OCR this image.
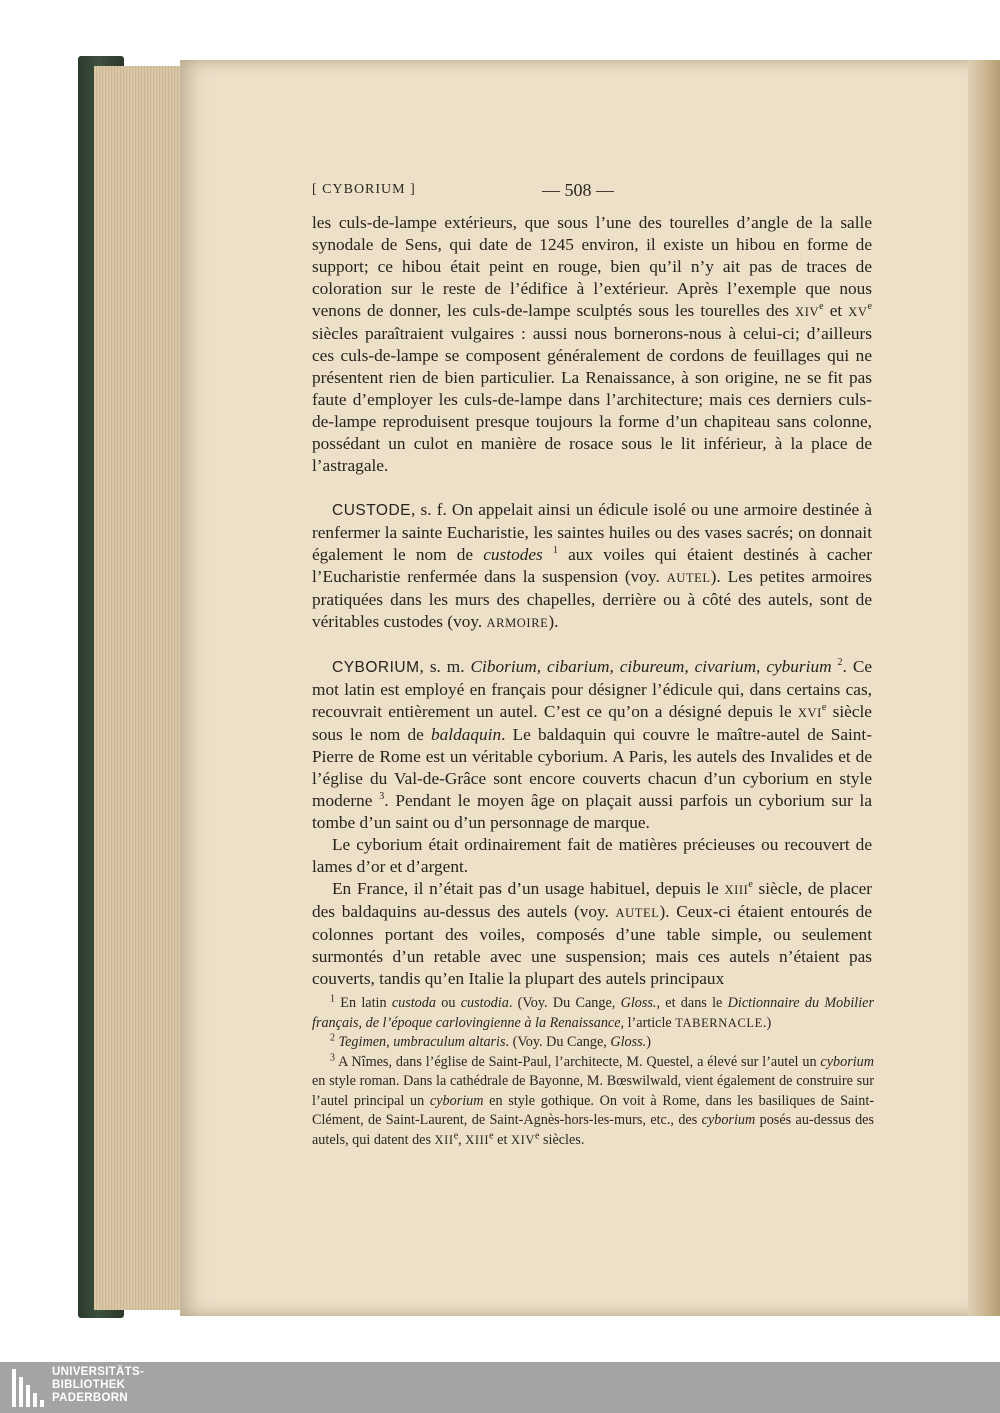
[ CYBORIUM ]	— 508 —

les culs-de-lampe extérieurs, que sous l’une des tourelles d’angle de la salle synodale de Sens, qui date de 1245 environ, il existe un hibou en forme de support; ce hibou était peint en rouge, bien qu’il n’y ait pas de traces de coloration sur le reste de l’édifice à l’extérieur. Après l’exemple que nous venons de donner, les culs-de-lampe sculptés sous les tourelles des XIVe et XVe siècles paraîtraient vulgaires : aussi nous bornerons-nous à celui-ci; d’ailleurs ces culs-de-lampe se composent généralement de cordons de feuillages qui ne présentent rien de bien particulier. La Renaissance, à son origine, ne se fit pas faute d’employer les culs-de-lampe dans l’architecture; mais ces derniers culs-de-lampe reproduisent presque toujours la forme d’un chapiteau sans colonne, possédant un culot en manière de rosace sous le lit inférieur, à la place de l’astragale.

CUSTODE, s. f. On appelait ainsi un édicule isolé ou une armoire destinée à renfermer la sainte Eucharistie, les saintes huiles ou des vases sacrés; on donnait également le nom de custodes $^1$ aux voiles qui étaient destinés à cacher l’Eucharistie renfermée dans la suspension (voy. AUTEL). Les petites armoires pratiquées dans les murs des chapelles, derrière ou à côté des autels, sont de véritables custodes (voy. ARMOIRE).

CYBORIUM, s. m. Ciborium, cibarium, cibureum, civarium, cyburium $^2$. Ce mot latin est employé en français pour désigner l’édicule qui, dans certains cas, recouvrait entièrement un autel. C’est ce qu’on a désigné depuis le XVIe siècle sous le nom de baldaquin. Le baldaquin qui couvre le maître-autel de Saint-Pierre de Rome est un véritable cyborium. A Paris, les autels des Invalides et de l’église du Val-de-Grâce sont encore couverts chacun d’un cyborium en style moderne $^3$. Pendant le moyen âge on plaçait aussi parfois un cyborium sur la tombe d’un saint ou d’un personnage de marque.

Le cyborium était ordinairement fait de matières précieuses ou recouvert de lames d’or et d’argent.

En France, il n’était pas d’un usage habituel, depuis le XIIIe siècle, de placer des baldaquins au-dessus des autels (voy. AUTEL). Ceux-ci étaient entourés de colonnes portant des voiles, composés d’une table simple, ou seulement surmontés d’un retable avec une suspension; mais ces autels n’étaient pas couverts, tandis qu’en Italie la plupart des autels principaux

$^1$ En latin custoda ou custodia. (Voy. Du Cange, Gloss., et dans le Dictionnaire du Mobilier français, de l’époque carlovingienne à la Renaissance, l’article TABERNACLE.)

$^2$ Tegimen, umbraculum altaris. (Voy. Du Cange, Gloss.)

$^3$ A Nîmes, dans l’église de Saint-Paul, l’architecte, M. Questel, a élevé sur l’autel un cyborium en style roman. Dans la cathédrale de Bayonne, M. Bœswilwald, vient également de construire sur l’autel principal un cyborium en style gothique. On voit à Rome, dans les basiliques de Saint-Clément, de Saint-Laurent, de Saint-Agnès-hors-les-murs, etc., des cyborium posés au-dessus des autels, qui datent des XIIe, XIIIe et XIVe siècles.

UNIVERSITÄTS-
BIBLIOTHEK
PADERBORN
